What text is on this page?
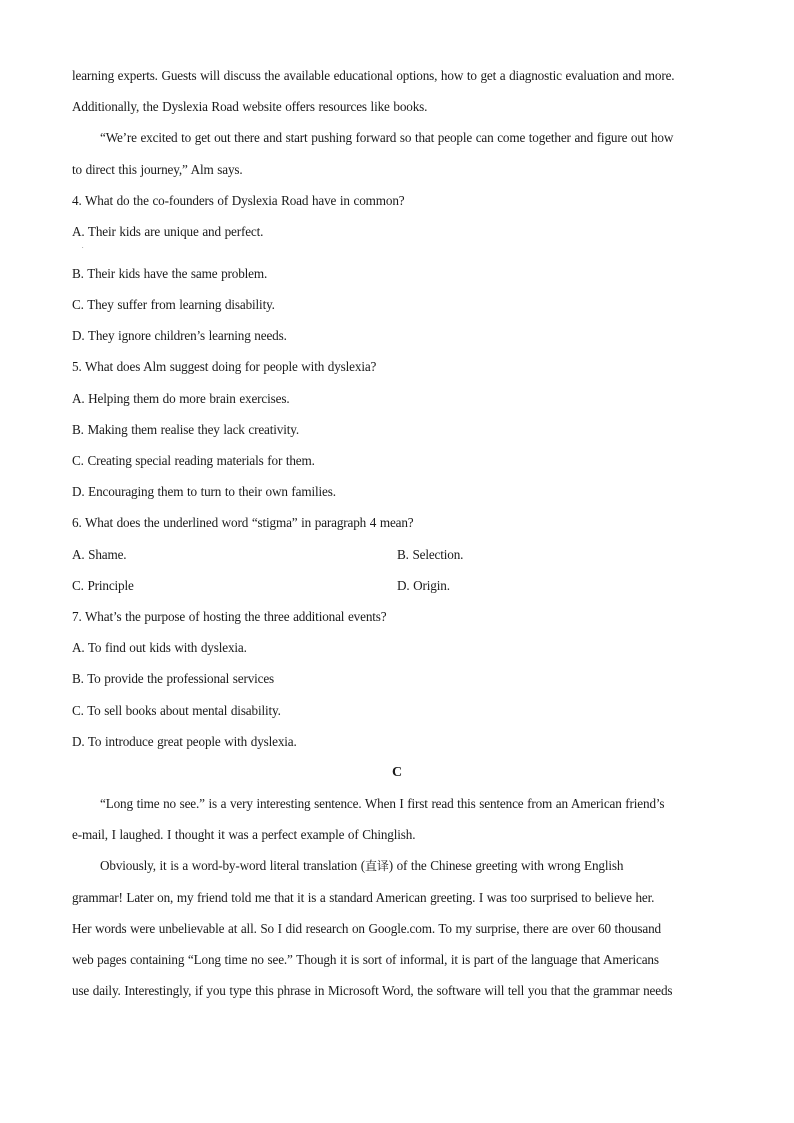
learning experts. Guests will discuss the available educational options, how to get a diagnostic evaluation and more.
Additionally, the Dyslexia Road website offers resources like books.
“We’re excited to get out there and start pushing forward so that people can come together and figure out how
to direct this journey,” Alm says.
4. What do the co-founders of Dyslexia Road have in common?
A. Their kids are unique and perfect.
B. Their kids have the same problem.
C. They suffer from learning disability.
D. They ignore children’s learning needs.
5. What does Alm suggest doing for people with dyslexia?
A. Helping them do more brain exercises.
B. Making them realise they lack creativity.
C. Creating special reading materials for them.
D. Encouraging them to turn to their own families.
6. What does the underlined word “stigma” in paragraph 4 mean?
A. Shame.	B. Selection.
C. Principle	D. Origin.
7. What’s the purpose of hosting the three additional events?
A. To find out kids with dyslexia.
B. To provide the professional services
C. To sell books about mental disability.
D. To introduce great people with dyslexia.
C
“Long time no see.” is a very interesting sentence. When I first read this sentence from an American friend’s
e-mail, I laughed. I thought it was a perfect example of Chinglish.
Obviously, it is a word-by-word literal translation (直译) of the Chinese greeting with wrong English
grammar! Later on, my friend told me that it is a standard American greeting. I was too surprised to believe her.
Her words were unbelievable at all. So I did research on Google.com. To my surprise, there are over 60 thousand
web pages containing “Long time no see.” Though it is sort of informal, it is part of the language that Americans
use daily. Interestingly, if you type this phrase in Microsoft Word, the software will tell you that the grammar needs
.
